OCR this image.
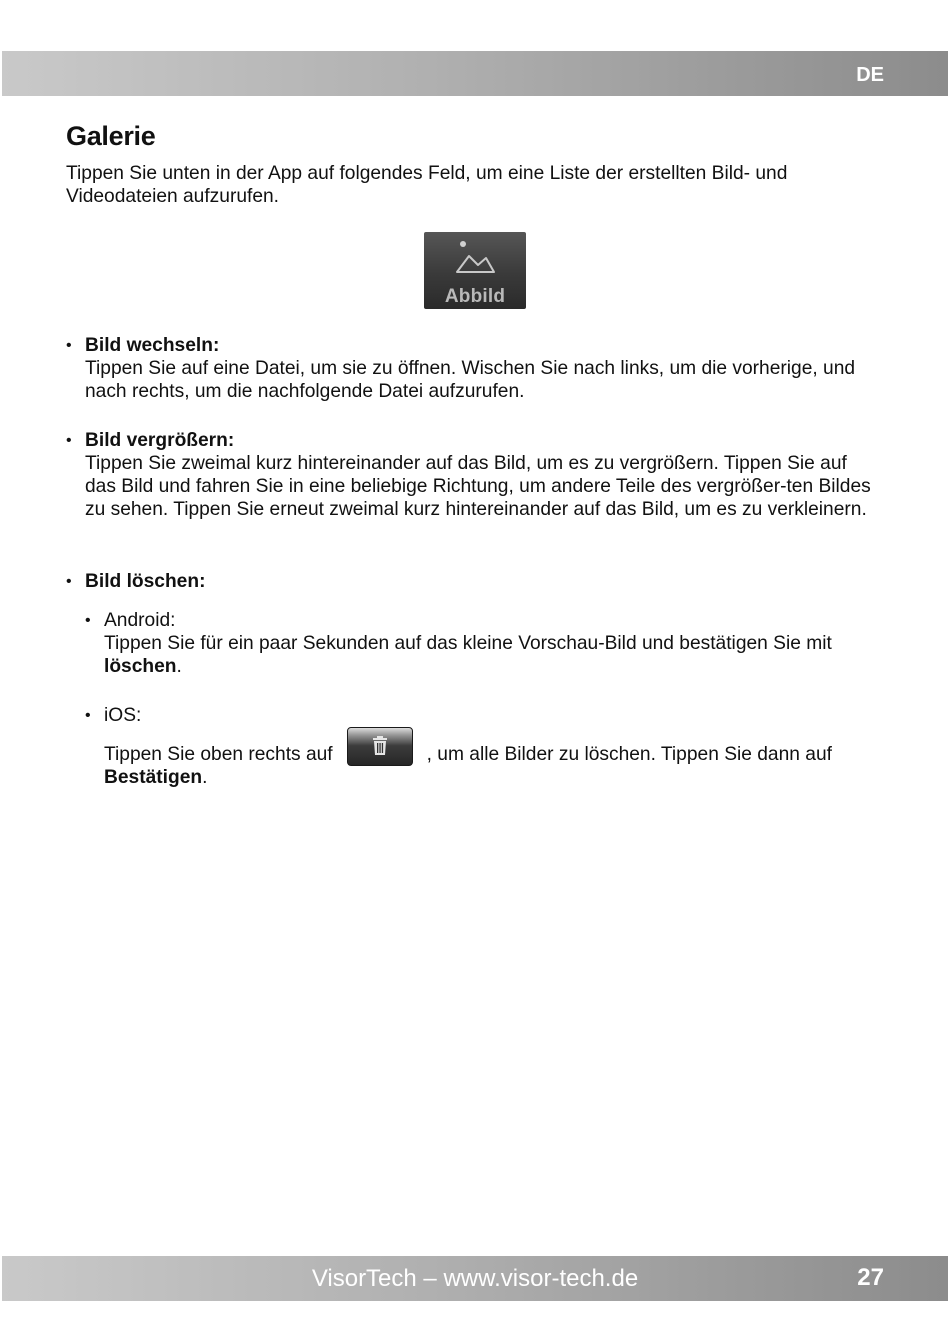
DE
Galerie

Tippen Sie unten in der App auf folgendes Feld, um eine Liste der erstellten Bild- und Videodateien aufzurufen.

Abbild
• Bild wechseln:
Tippen Sie auf eine Datei, um sie zu öffnen. Wischen Sie nach links, um die vorherige, und nach rechts, um die nachfolgende Datei aufzurufen.
• Bild vergrößern:
Tippen Sie zweimal kurz hintereinander auf das Bild, um es zu vergrößern. Tippen Sie auf das Bild und fahren Sie in eine beliebige Richtung, um andere Teile des vergrößer-ten Bildes zu sehen. Tippen Sie erneut zweimal kurz hintereinander auf das Bild, um es zu verkleinern.
• Bild löschen:
• Android:
Tippen Sie für ein paar Sekunden auf das kleine Vorschau-Bild und bestätigen Sie mit löschen.
• iOS:
Tippen Sie oben rechts auf	, um alle Bilder zu löschen. Tippen Sie dann auf
Bestätigen.
VisorTech – www.visor-tech.de	27
